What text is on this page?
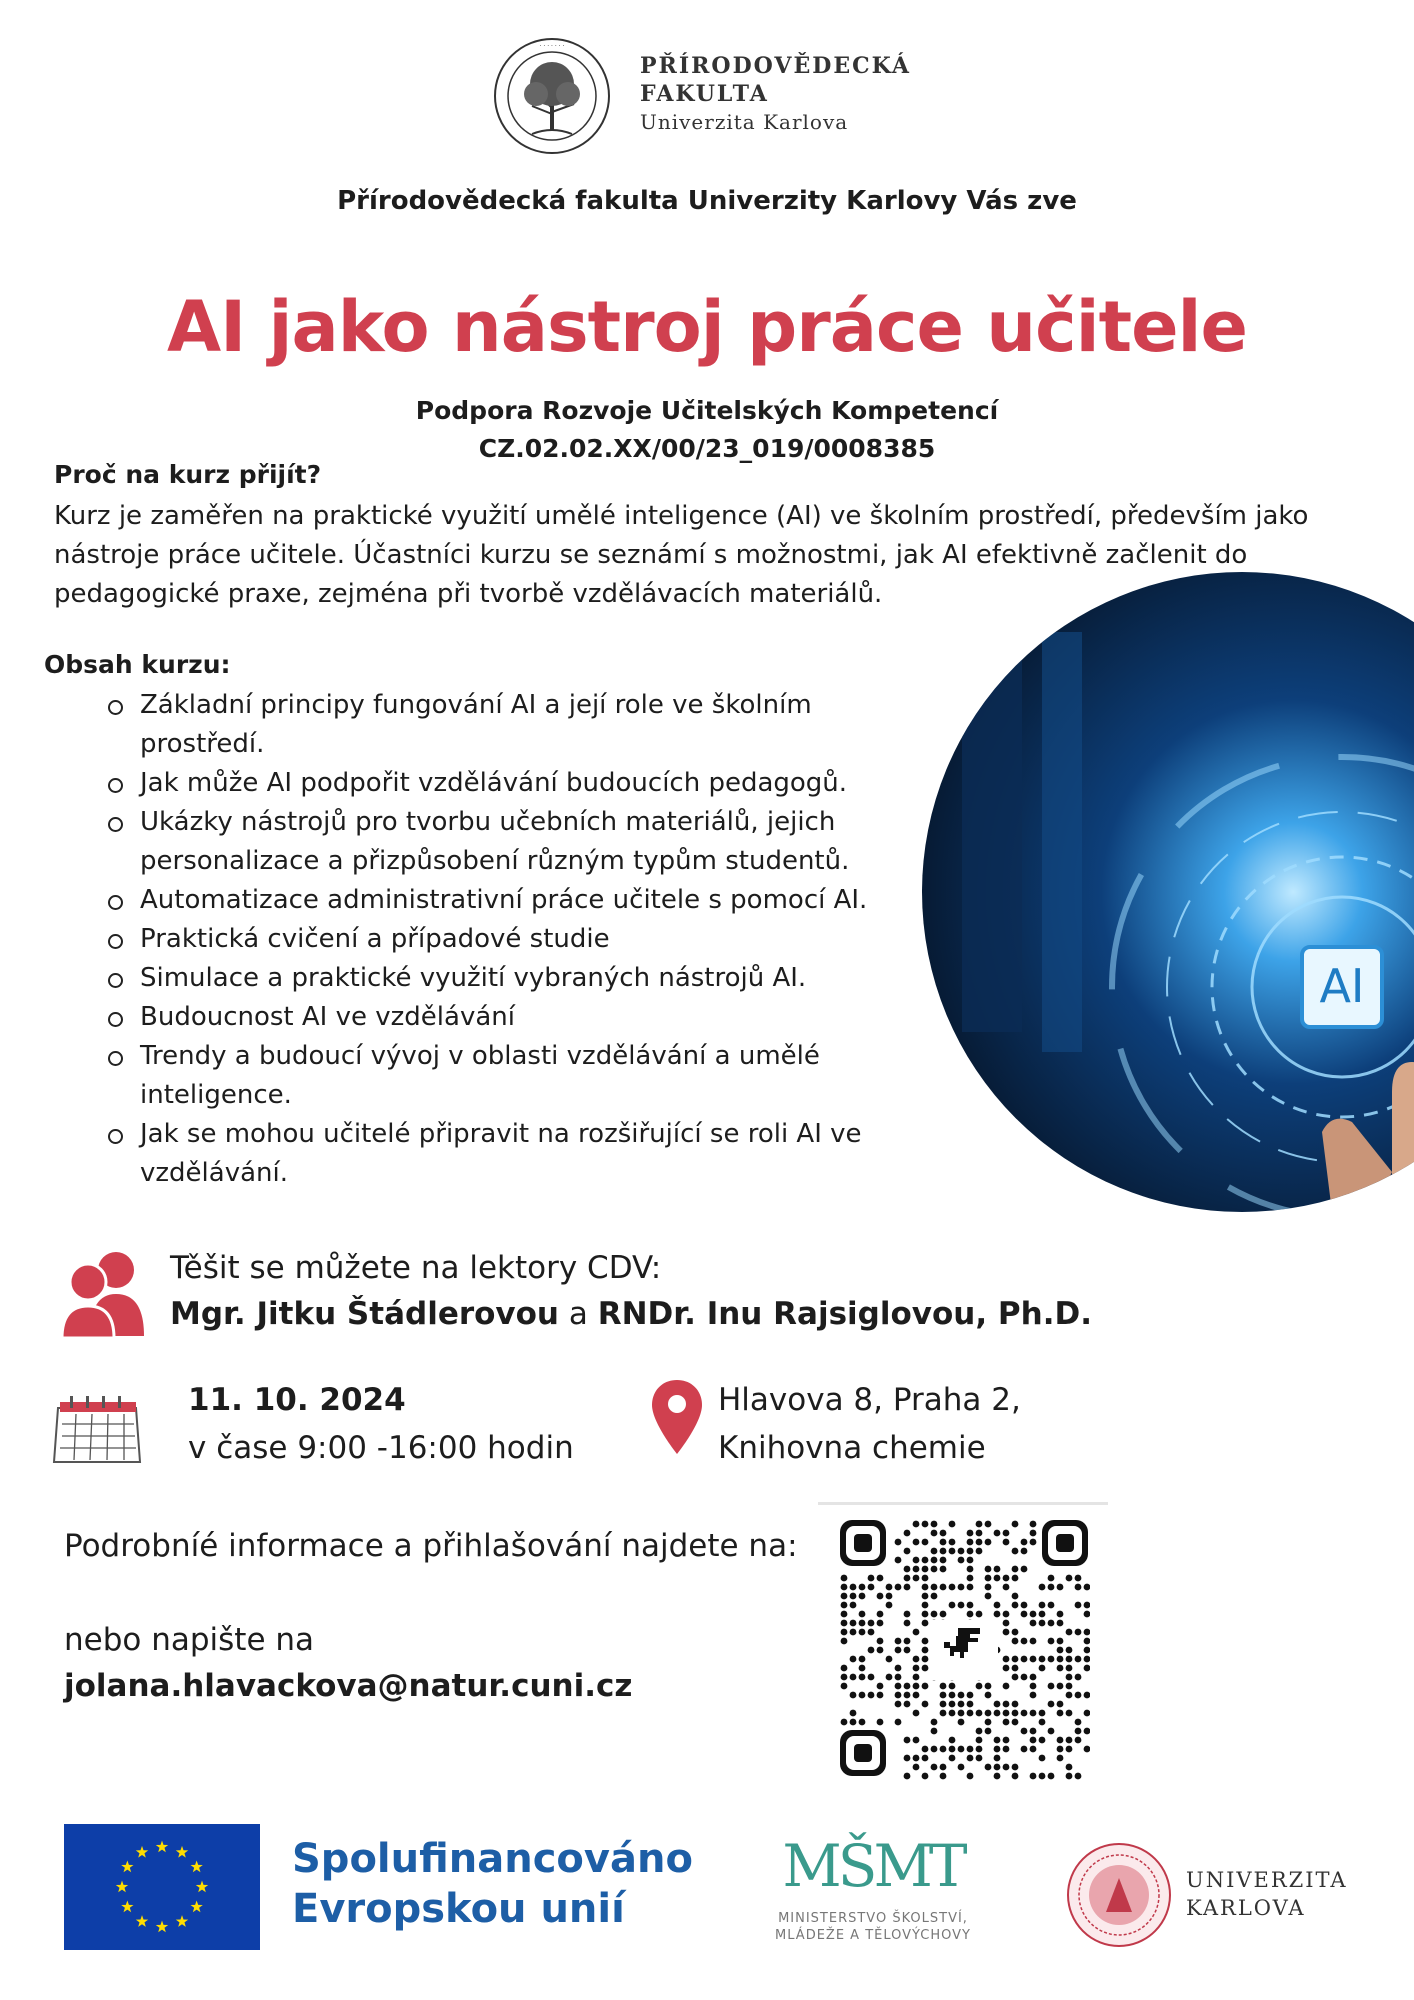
· · · · · · ·
PŘÍRODOVĚDECKÁ
FAKULTA
Univerzita Karlova
Přírodovědecká fakulta Univerzity Karlovy Vás zve
AI jako nástroj práce učitele
Podpora Rozvoje Učitelských Kompetencí
CZ.02.02.XX/00/23_019/0008385
AI
Proč na kurz přijít?
Kurz je zaměřen na praktické využití umělé inteligence (AI) ve školním prostředí, především jako nástroje práce učitele. Účastníci kurzu se seznámí s možnostmi, jak AI efektivně začlenit do pedagogické praxe, zejména při tvorbě vzdělávacích materiálů.
Obsah kurzu:
Základní principy fungování AI a její role ve školním prostředí.
Jak může AI podpořit vzdělávání budoucích pedagogů.
Ukázky nástrojů pro tvorbu učebních materiálů, jejich personalizace a přizpůsobení různým typům studentů.
Automatizace administrativní práce učitele s pomocí AI.
Praktická cvičení a případové studie
Simulace a praktické využití vybraných nástrojů AI.
Budoucnost AI ve vzdělávání
Trendy a budoucí vývoj v oblasti vzdělávání a umělé inteligence.
Jak se mohou učitelé připravit na rozšiřující se roli AI ve vzdělávání.
Těšit se můžete na lektory CDV:
Mgr. Jitku Štádlerovou a RNDr. Inu Rajsiglovou, Ph.D.
11. 10. 2024
v čase 9:00 -16:00 hodin
Hlavova 8, Praha 2,
Knihovna chemie
Podrobníé informace a přihlašování najdete na:
nebo napište na
jolana.hlavackova@natur.cuni.cz
Spolufinancováno
Evropskou unií
MŠMT
MINISTERSTVO ŠKOLSTVÍ,
MLÁDEŽE A TĚLOVÝCHOVY
UNIVERZITA
KARLOVA
